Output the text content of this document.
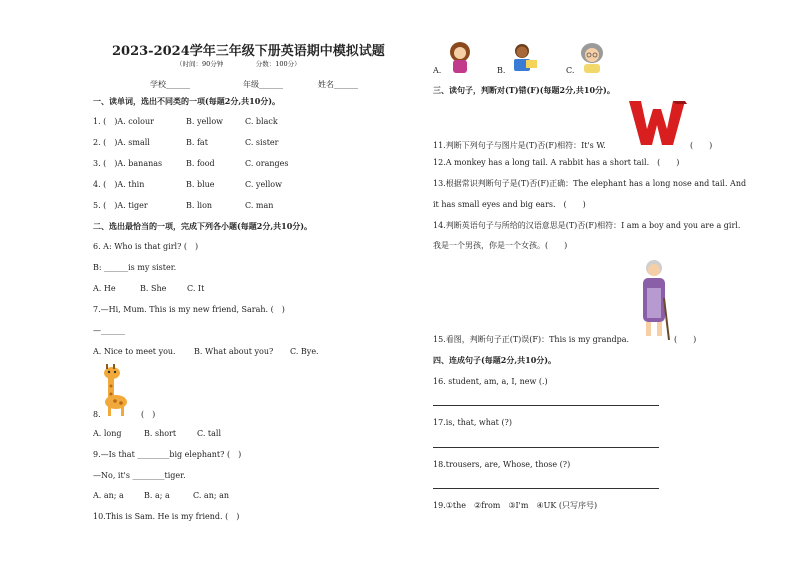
2023-2024学年三年级下册英语期中模拟试题
（时间：90分钟　　　　　分数：100分）
学校______	年级______	姓名______
一、读单词，选出不同类的一项(每题2分,共10分)。
1. (　)A. colour	B. yellow	C. black
2. (　)A. small	B. fat	C. sister
3. (　)A. bananas	B. food	C. oranges
4. (　)A. thin	B. blue	C. yellow
5. (　)A. tiger	B. lion	C. man
二、选出最恰当的一项，完成下列各小题(每题2分,共10分)。
6. A: Who is that girl? (　)
B: ______is my sister.
A. He	B. She	C. It
7.—Hi, Mum. This is my new friend, Sarah. (　)
—______
A. Nice to meet you. B. What about you? C. Bye.
8.	(　)
A. long	B. short	C. tall
9.—Is that ________big elephant? (　)
—No, it's ________tiger.
A. an; a	B. a; a	C. an; an
10.This is Sam. He is my friend. (　)
A.	B.	C.
三、读句子，判断对(T)错(F)(每题2分,共10分)。
11.判断下列句子与图片是(T)否(F)相符：It's W.	(　　)
12.A monkey has a long tail. A rabbit has a short tail.　(　　)
13.根据常识判断句子是(T)否(F)正确：The elephant has a long nose and tail. And
it has small eyes and big ears.　(　　)
14.判断英语句子与所给的汉语意思是(T)否(F)相符：I am a boy and you are a girl.
我是一个男孩，你是一个女孩。(　　)
15.看图，判断句子正(T)误(F)：This is my grandpa.	(　　)
四、连成句子(每题2分,共10分)。
16. student, am, a, I, new (.)
17.is, that, what (?)
18.trousers, are, Whose, those (?)
19.①the　②from　③I'm　④UK (只写序号)
